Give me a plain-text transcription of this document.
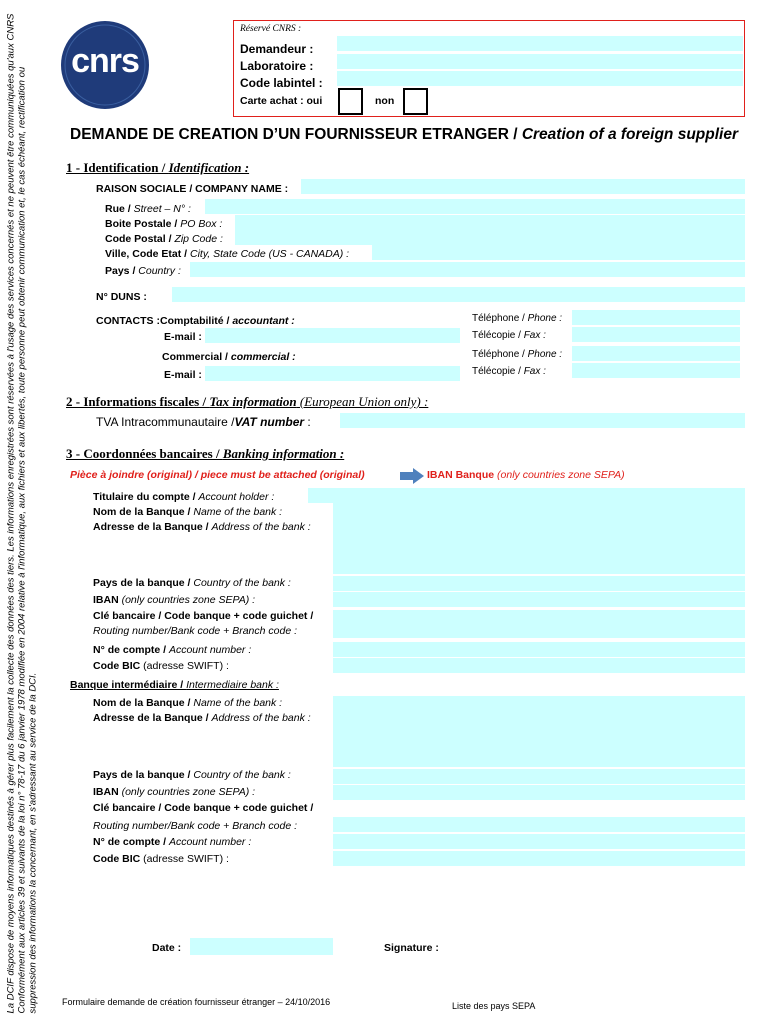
La DCIF dispose de moyens informatiques destinés à gérer plus facilement la collecte des données des tiers. Les informations enregistrées sont réservées à l'usage des services concernés et ne peuvent être communiquées qu'aux CNRS Conformément aux articles 39 et suivants de la loi n° 78-17 du 6 janvier 1978 modifiée en 2004 relative à l'informatique, aux fichiers et aux libertés, toute personne peut obtenir communication et, le cas échéant, rectification ou suppression des informations la concernant, en s'adressant au service de la DCI.
cnrs
Réservé CNRS :
Demandeur :
Laboratoire :
Code labintel :
Carte achat : oui	non
DEMANDE DE CREATION D’UN FOURNISSEUR ETRANGER / Creation of a foreign supplier
1 - Identification / Identification :
RAISON SOCIALE / COMPANY NAME :
Rue / Street – N° :
Boite Postale / PO Box :
Code Postal / Zip Code :
Ville, Code Etat / City, State Code (US - CANADA) :
Pays / Country :
N° DUNS :
CONTACTS : Comptabilité / accountant :
E-mail :
Téléphone / Phone :
Télécopie / Fax :
Commercial / commercial :
E-mail :
Téléphone / Phone :
Télécopie / Fax :
2 - Informations fiscales / Tax information (European Union only) :
TVA Intracommunautaire /VAT number :
3 - Coordonnées bancaires / Banking information :
Pièce à joindre (original) / piece must be attached (original)	IBAN Banque (only countries zone SEPA)
Titulaire du compte / Account holder :
Nom de la Banque / Name of the bank :
Adresse de la Banque / Address of the bank :
Pays de la banque / Country of the bank :
IBAN (only countries zone SEPA) :
Clé bancaire / Code banque + code guichet /
Routing number/Bank code + Branch code :
N° de compte / Account number :
Code BIC (adresse SWIFT) :
Banque intermédiaire / Intermediaire bank :
Nom de la Banque / Name of the bank :
Adresse de la Banque / Address of the bank :
Pays de la banque / Country of the bank :
IBAN (only countries zone SEPA) :
Clé bancaire / Code banque + code guichet /
Routing number/Bank code + Branch code :
N° de compte / Account number :
Code BIC (adresse SWIFT) :
Date :	Signature :
Formulaire demande de création fournisseur étranger – 24/10/2016	Liste des pays SEPA
